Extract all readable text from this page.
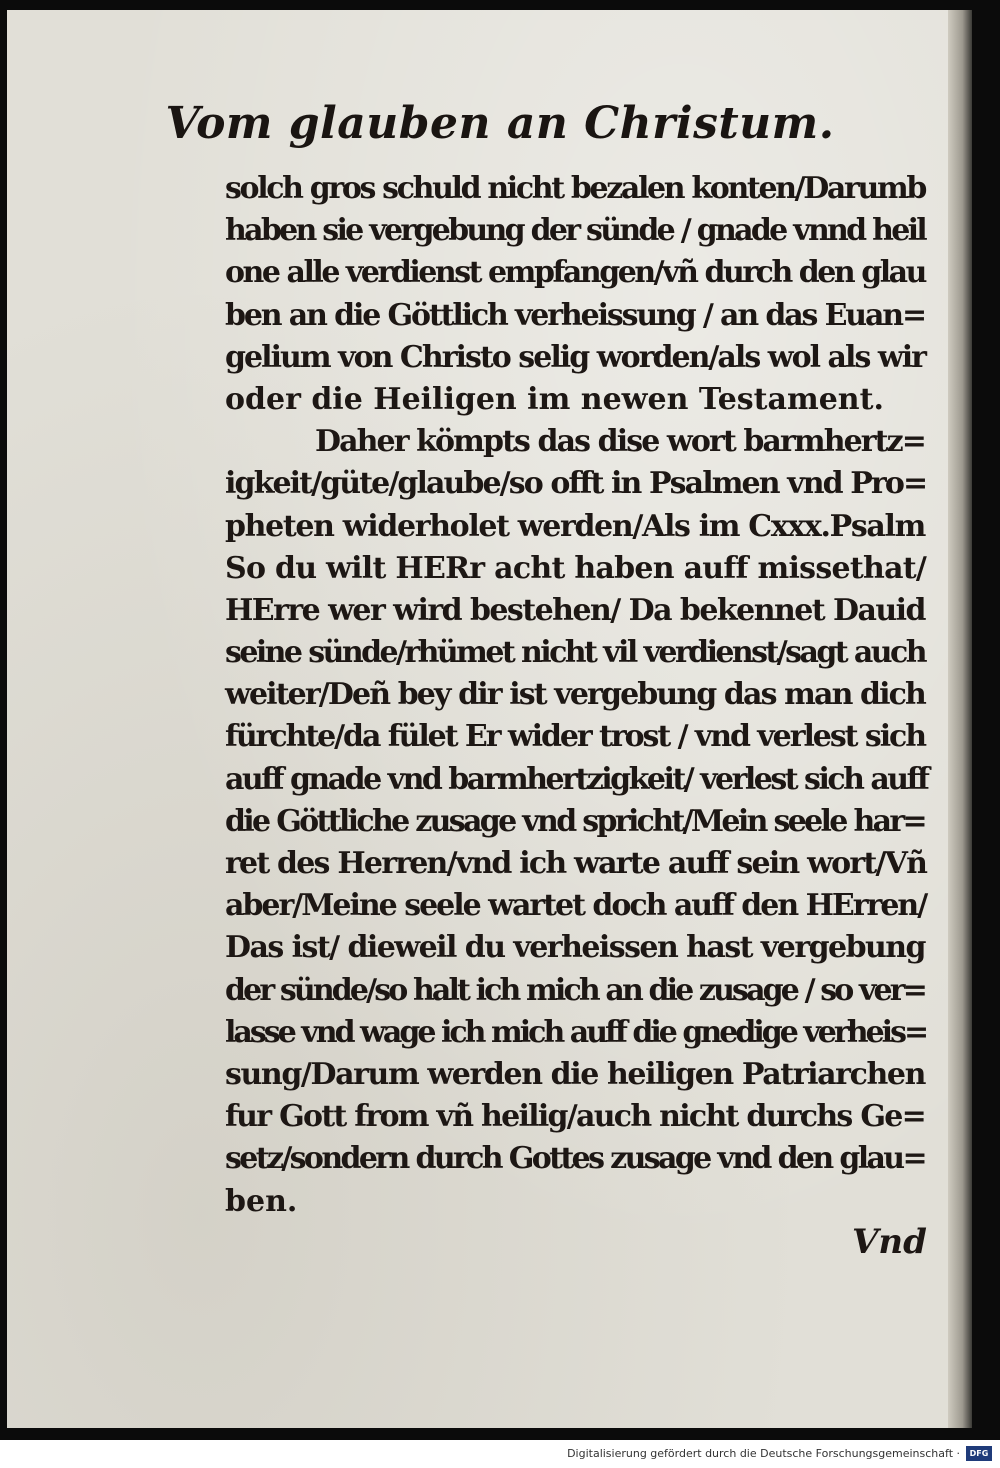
Vom glauben an Christum.
solch gros schuld nicht bezalen konten/Darumb
haben sie vergebung der sünde / gnade vnnd heil
one alle verdienst empfangen/vñ durch den glau
ben an die Göttlich verheissung / an das Euan=
gelium von Christo selig worden/als wol als wir
oder die Heiligen im newen Testament.
Daher kömpts das dise wort barmhertz=
igkeit/güte/glaube/so offt in Psalmen vnd Pro=
pheten widerholet werden/Als im Cxxx.Psalm
So du wilt HERr acht haben auff missethat/
HErre wer wird bestehen/ Da bekennet Dauid
seine sünde/rhümet nicht vil verdienst/sagt auch
weiter/Deñ bey dir ist vergebung das man dich
fürchte/da fület Er wider trost / vnd verlest sich
auff gnade vnd barmhertzigkeit/ verlest sich auff
die Göttliche zusage vnd spricht/Mein seele har=
ret des Herren/vnd ich warte auff sein wort/Vñ
aber/Meine seele wartet doch auff den HErren/
Das ist/ dieweil du verheissen hast vergebung
der sünde/so halt ich mich an die zusage / so ver=
lasse vnd wage ich mich auff die gnedige verheis=
sung/Darum werden die heiligen Patriarchen
fur Gott from vñ heilig/auch nicht durchs Ge=
setz/sondern durch Gottes zusage vnd den glau=
ben.
Vnd
Digitalisierung gefördert durch die Deutsche Forschungsgemeinschaft ·	DFG
